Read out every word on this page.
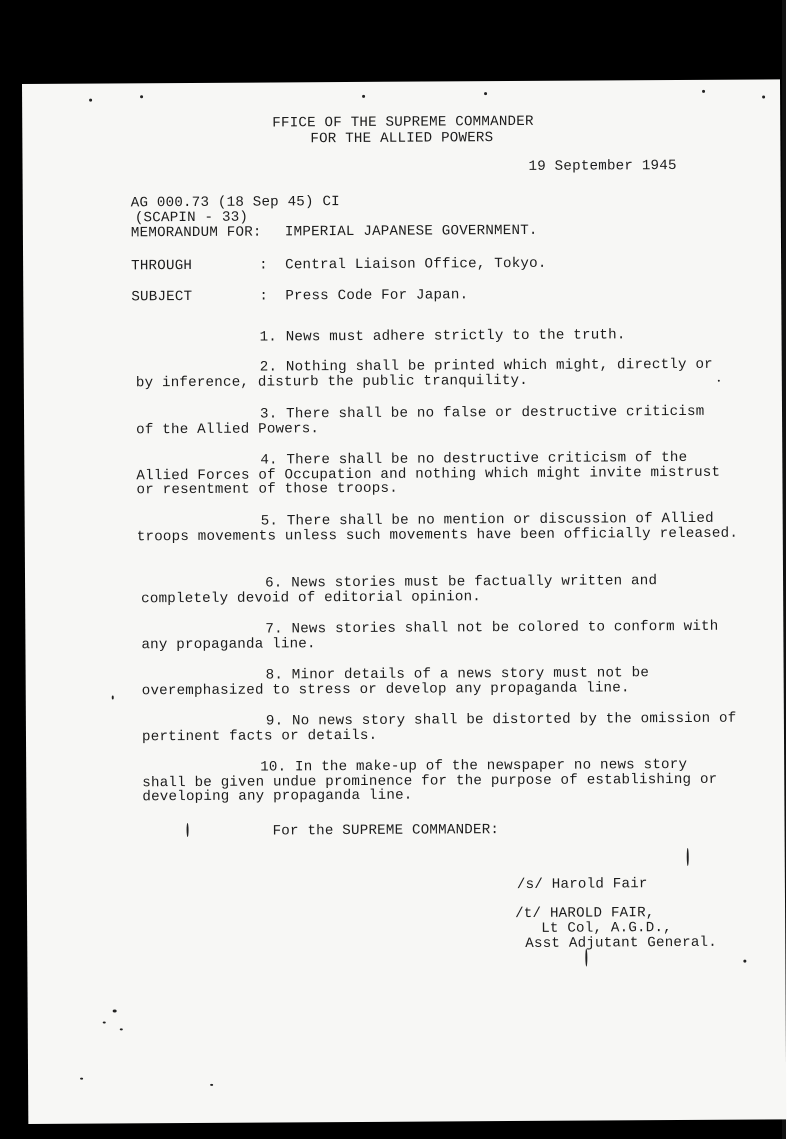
FFICE OF THE SUPREME COMMANDER
FOR THE ALLIED POWERS
19 September 1945
AG 000.73 (18 Sep 45) CI
(SCAPIN - 33)
MEMORANDUM FOR: IMPERIAL JAPANESE GOVERNMENT.
THROUGH	: Central Liaison Office, Tokyo.
SUBJECT	: Press Code For Japan.
1. News must adhere strictly to the truth.
2. Nothing shall be printed which might, directly or by inference, disturb the public tranquility.
3. There shall be no false or destructive criticism of the Allied Powers.
4. There shall be no destructive criticism of the Allied Forces of Occupation and nothing which might invite mistrust or resentment of those troops.
5. There shall be no mention or discussion of Allied troops movements unless such movements have been officially released.
6. News stories must be factually written and completely devoid of editorial opinion.
7. News stories shall not be colored to conform with any propaganda line.
8. Minor details of a news story must not be overemphasized to stress or develop any propaganda line.
9. No news story shall be distorted by the omission of pertinent facts or details.
10. In the make-up of the newspaper no news story shall be given undue prominence for the purpose of establishing or developing any propaganda line.
For the SUPREME COMMANDER:
/s/ Harold Fair
/t/ HAROLD FAIR,
Lt Col, A.G.D.,
Asst Adjutant General.
